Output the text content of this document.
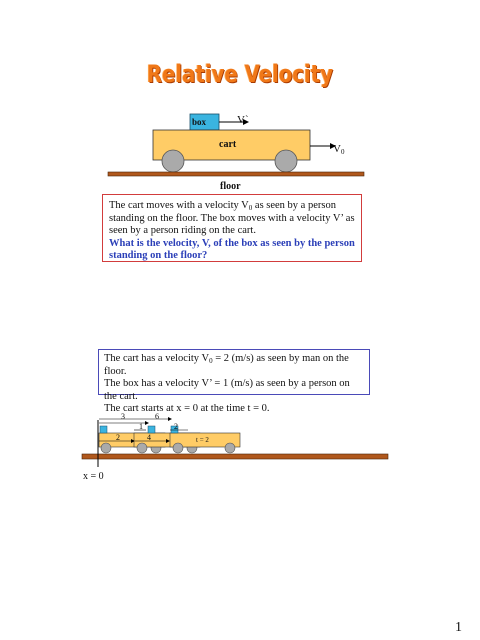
Relative Velocity
box	V`
cart	$V_0$
floor
The cart moves with a velocity $V_0$ as seen by a person standing on the floor. The box moves with a velocity V’ as seen by a person riding on the cart.
What is the velocity, V, of the box as seen by the person standing on the floor?
The cart has a velocity $V_0 = 2$ (m/s) as seen by man on the floor.
The box has a velocity V’ = 1 (m/s) as seen by a person on the cart.
The cart starts at x = 0 at the time t = 0.
3	6
1	2
2	4	t = 2
x = 0
1
